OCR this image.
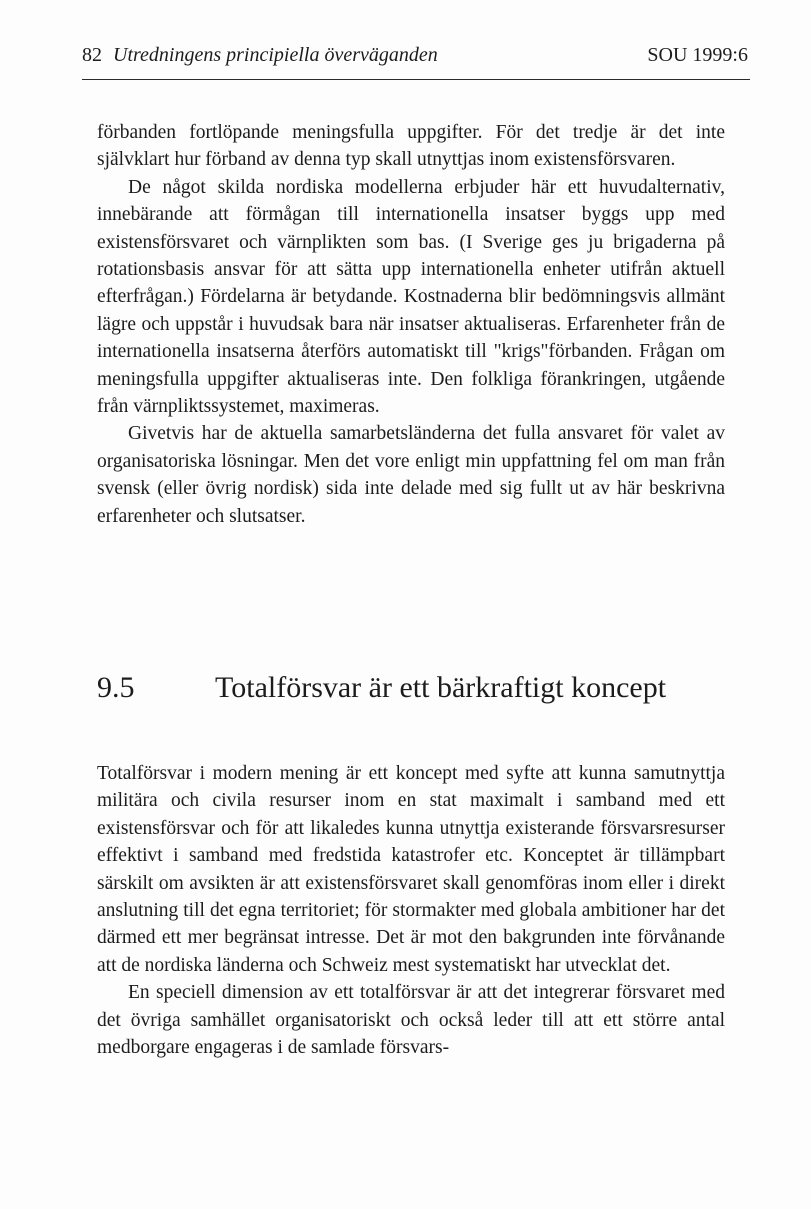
82 Utredningens principiella överväganden	SOU 1999:6

förbanden fortlöpande meningsfulla uppgifter. För det tredje är det inte självklart hur förband av denna typ skall utnyttjas inom existensförsvaren.

De något skilda nordiska modellerna erbjuder här ett huvudalternativ, innebärande att förmågan till internationella insatser byggs upp med existensförsvaret och värnplikten som bas. (I Sverige ges ju brigaderna på rotationsbasis ansvar för att sätta upp internationella enheter utifrån aktuell efterfrågan.) Fördelarna är betydande. Kostnaderna blir bedömningsvis allmänt lägre och uppstår i huvudsak bara när insatser aktualiseras. Erfarenheter från de internationella insatserna återförs automatiskt till "krigs"förbanden. Frågan om meningsfulla uppgifter aktualiseras inte. Den folkliga förankringen, utgående från värnpliktssystemet, maximeras.

Givetvis har de aktuella samarbetsländerna det fulla ansvaret för valet av organisatoriska lösningar. Men det vore enligt min uppfattning fel om man från svensk (eller övrig nordisk) sida inte delade med sig fullt ut av här beskrivna erfarenheter och slutsatser.

9.5	Totalförsvar är ett bärkraftigt koncept

Totalförsvar i modern mening är ett koncept med syfte att kunna samutnyttja militära och civila resurser inom en stat maximalt i samband med ett existensförsvar och för att likaledes kunna utnyttja existerande försvarsresurser effektivt i samband med fredstida katastrofer etc. Konceptet är tillämpbart särskilt om avsikten är att existensförsvaret skall genomföras inom eller i direkt anslutning till det egna territoriet; för stormakter med globala ambitioner har det därmed ett mer begränsat intresse. Det är mot den bakgrunden inte förvånande att de nordiska länderna och Schweiz mest systematiskt har utvecklat det.

En speciell dimension av ett totalförsvar är att det integrerar försvaret med det övriga samhället organisatoriskt och också leder till att ett större antal medborgare engageras i de samlade försvars-
